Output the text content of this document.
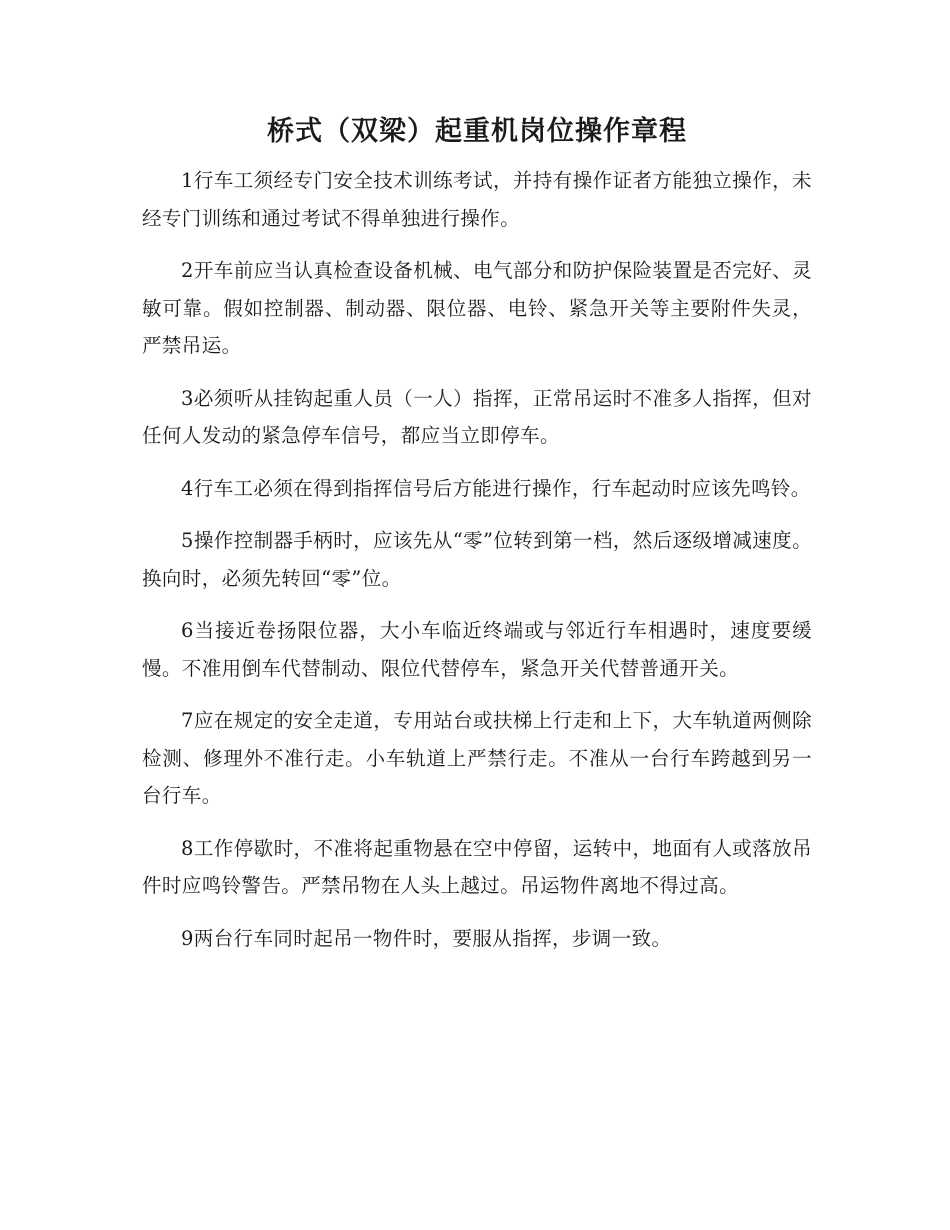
桥式（双梁）起重机岗位操作章程

1行车工须经专门安全技术训练考试，并持有操作证者方能独立操作，未经专门训练和通过考试不得单独进行操作。

2开车前应当认真检查设备机械、电气部分和防护保险装置是否完好、灵敏可靠。假如控制器、制动器、限位器、电铃、紧急开关等主要附件失灵，严禁吊运。

3必须听从挂钩起重人员（一人）指挥，正常吊运时不准多人指挥，但对任何人发动的紧急停车信号，都应当立即停车。

4行车工必须在得到指挥信号后方能进行操作，行车起动时应该先鸣铃。

5操作控制器手柄时，应该先从“零”位转到第一档，然后逐级增减速度。换向时，必须先转回“零”位。

6当接近卷扬限位器，大小车临近终端或与邻近行车相遇时，速度要缓慢。不准用倒车代替制动、限位代替停车，紧急开关代替普通开关。

7应在规定的安全走道，专用站台或扶梯上行走和上下，大车轨道两侧除检测、修理外不准行走。小车轨道上严禁行走。不准从一台行车跨越到另一台行车。

8工作停歇时，不准将起重物悬在空中停留，运转中，地面有人或落放吊件时应鸣铃警告。严禁吊物在人头上越过。吊运物件离地不得过高。

9两台行车同时起吊一物件时，要服从指挥，步调一致。
